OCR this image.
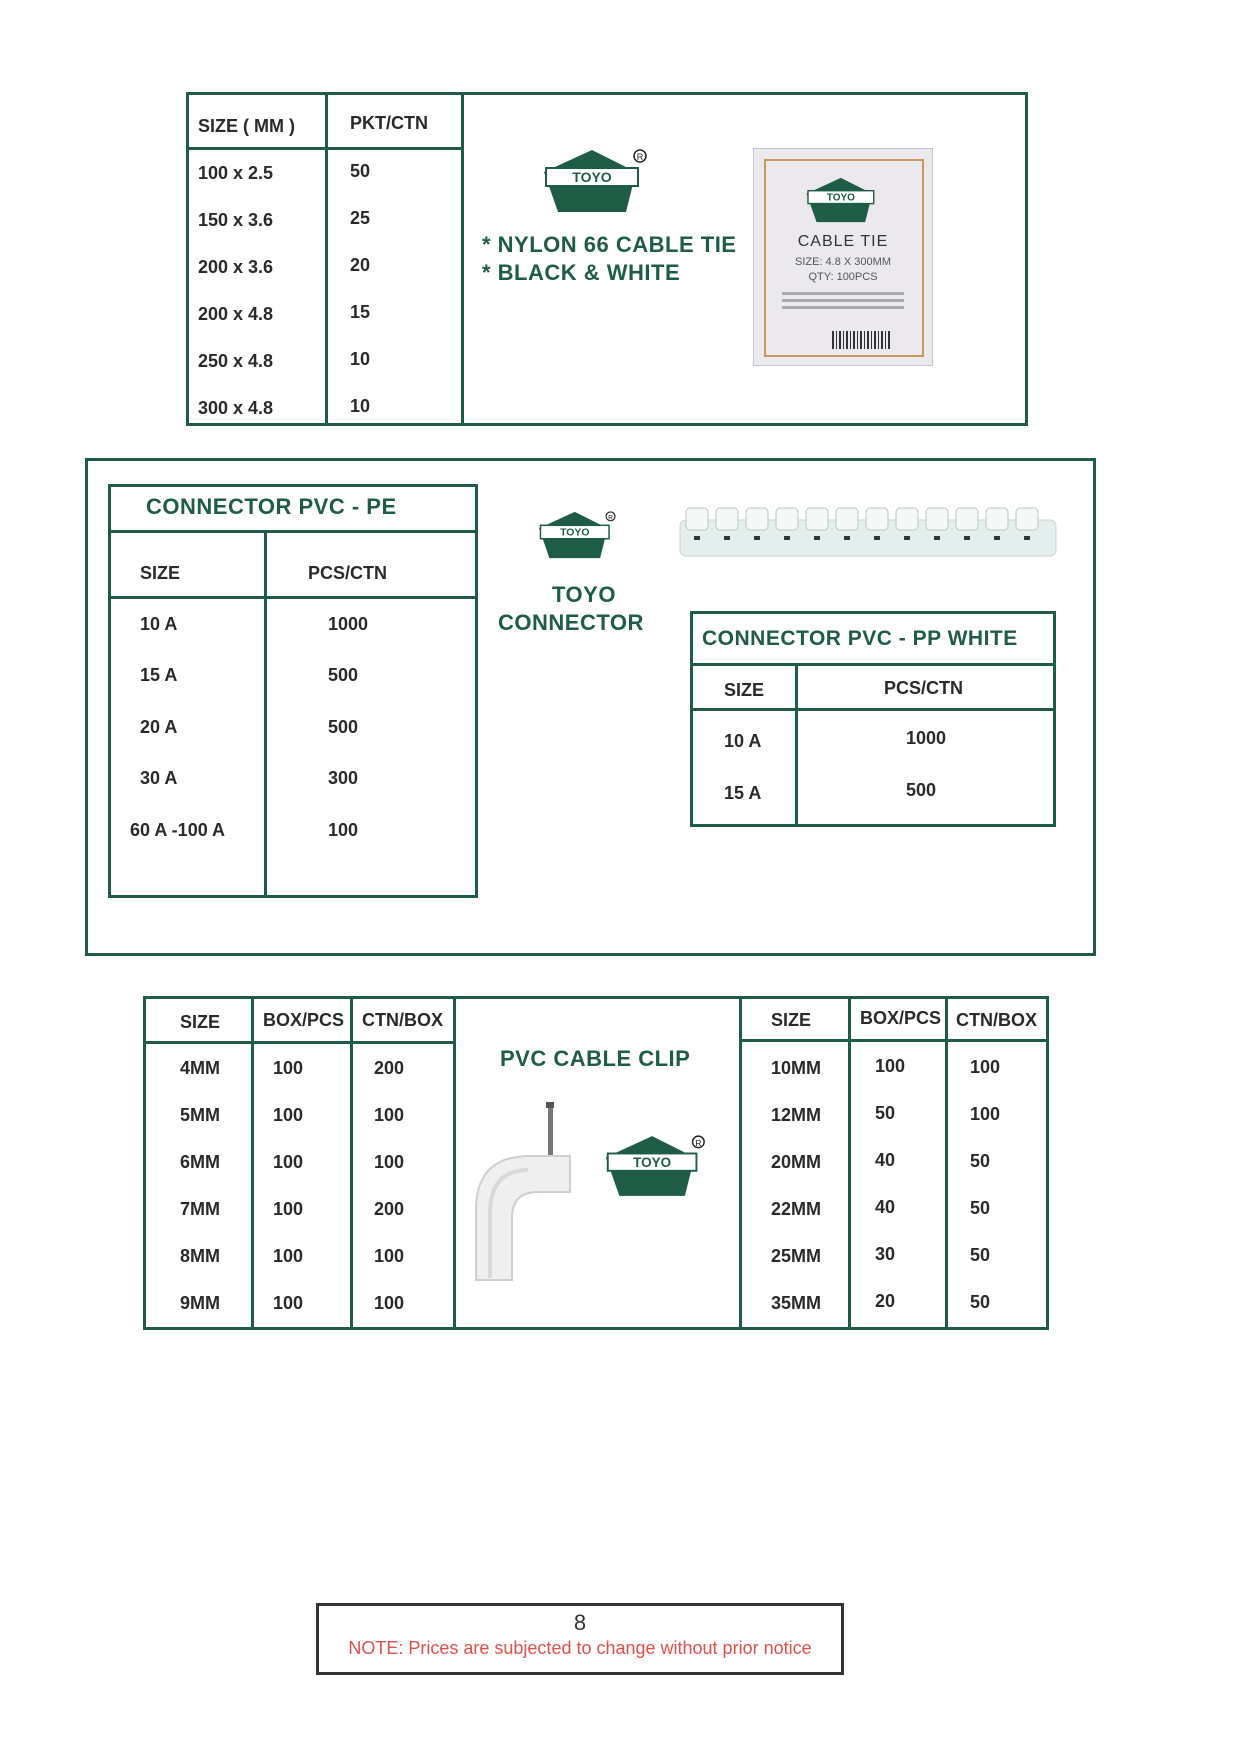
SIZE ( MM )	PKT/CTN
100 x 2.5	50
150 x 3.6	25
200 x 3.6	20
200 x 4.8	15
250 x 4.8	10
300 x 4.8	10
TOYO
R
* NYLON 66 CABLE TIE
* BLACK & WHITE
TOYO
CABLE TIE
SIZE: 4.8 X 300MM
QTY: 100PCS
CONNECTOR PVC - PE
SIZE	PCS/CTN
10 A	1000
15 A	500
20 A	500
30 A	300
60 A -100 A	100
TOYO
R
TOYO
CONNECTOR
CONNECTOR PVC - PP WHITE
SIZE	PCS/CTN
10 A	1000
15 A	500
SIZE BOX/PCS CTN/BOX
4MM	100	200
5MM	100	100
6MM	100	100
7MM	100	200
8MM	100	100
9MM	100	100
PVC CABLE CLIP
TOYO
R
SIZE	BOX/PCS CTN/BOX
10MM	100	100
12MM	50	100
20MM	40	50
22MM	40	50
25MM	30	50
35MM	20	50
8
NOTE: Prices are subjected to change without prior notice
